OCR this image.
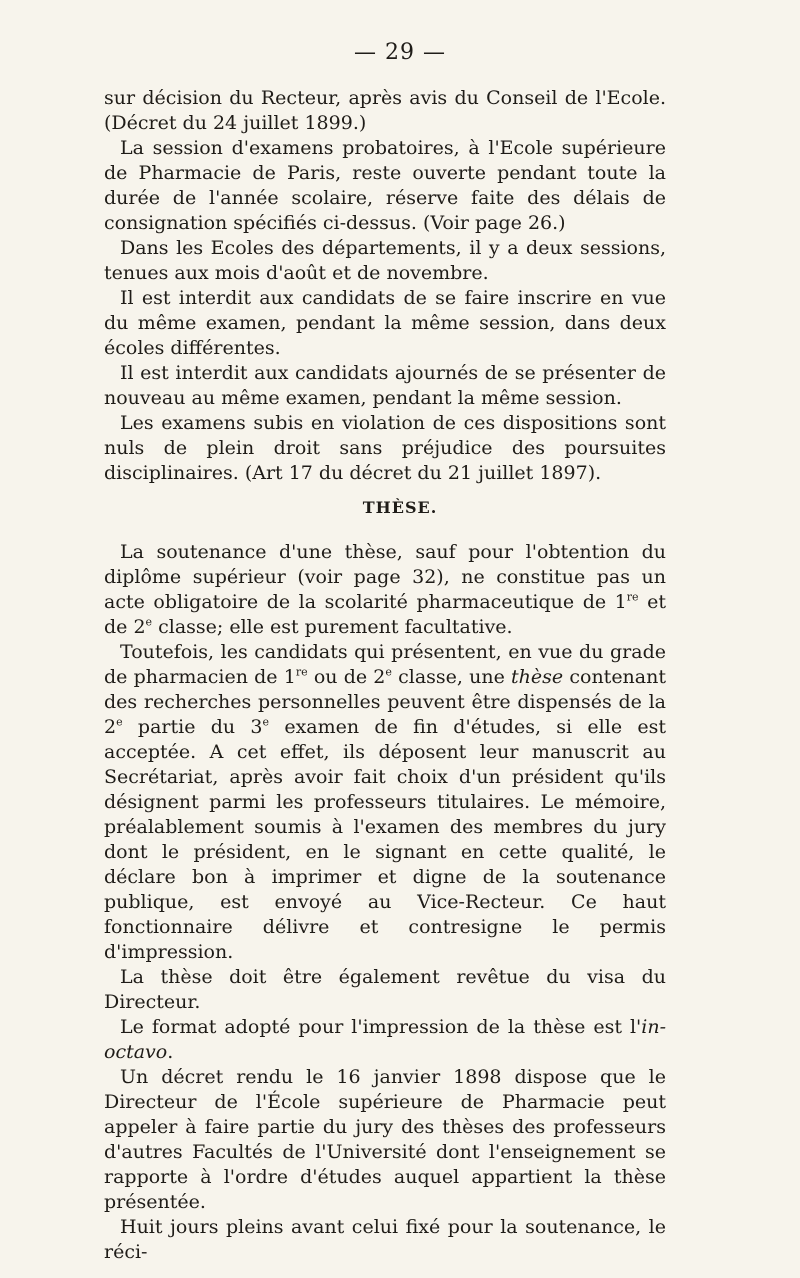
— 29 —

sur décision du Recteur, après avis du Conseil de l'Ecole. (Décret du 24 juillet 1899.)

La session d'examens probatoires, à l'Ecole supérieure de Pharmacie de Paris, reste ouverte pendant toute la durée de l'année scolaire, réserve faite des délais de consignation spécifiés ci-dessus. (Voir page 26.)

Dans les Ecoles des départements, il y a deux sessions, tenues aux mois d'août et de novembre.

Il est interdit aux candidats de se faire inscrire en vue du même examen, pendant la même session, dans deux écoles différentes.

Il est interdit aux candidats ajournés de se présenter de nouveau au même examen, pendant la même session.

Les examens subis en violation de ces dispositions sont nuls de plein droit sans préjudice des poursuites disciplinaires. (Art 17 du décret du 21 juillet 1897).

THÈSE.

La soutenance d'une thèse, sauf pour l'obtention du diplôme supérieur (voir page 32), ne constitue pas un acte obligatoire de la scolarité pharmaceutique de 1re et de 2e classe; elle est purement facultative.

Toutefois, les candidats qui présentent, en vue du grade de pharmacien de 1re ou de 2e classe, une thèse contenant des recherches personnelles peuvent être dispensés de la 2e partie du 3e examen de fin d'études, si elle est acceptée. A cet effet, ils déposent leur manuscrit au Secrétariat, après avoir fait choix d'un président qu'ils désignent parmi les professeurs titulaires. Le mémoire, préalablement soumis à l'examen des membres du jury dont le président, en le signant en cette qualité, le déclare bon à imprimer et digne de la soutenance publique, est envoyé au Vice-Recteur. Ce haut fonctionnaire délivre et contresigne le permis d'impression.

La thèse doit être également revêtue du visa du Directeur.

Le format adopté pour l'impression de la thèse est l'in-octavo.

Un décret rendu le 16 janvier 1898 dispose que le Directeur de l'École supérieure de Pharmacie peut appeler à faire partie du jury des thèses des professeurs d'autres Facultés de l'Université dont l'enseignement se rapporte à l'ordre d'études auquel appartient la thèse présentée.

Huit jours pleins avant celui fixé pour la soutenance, le réci-
